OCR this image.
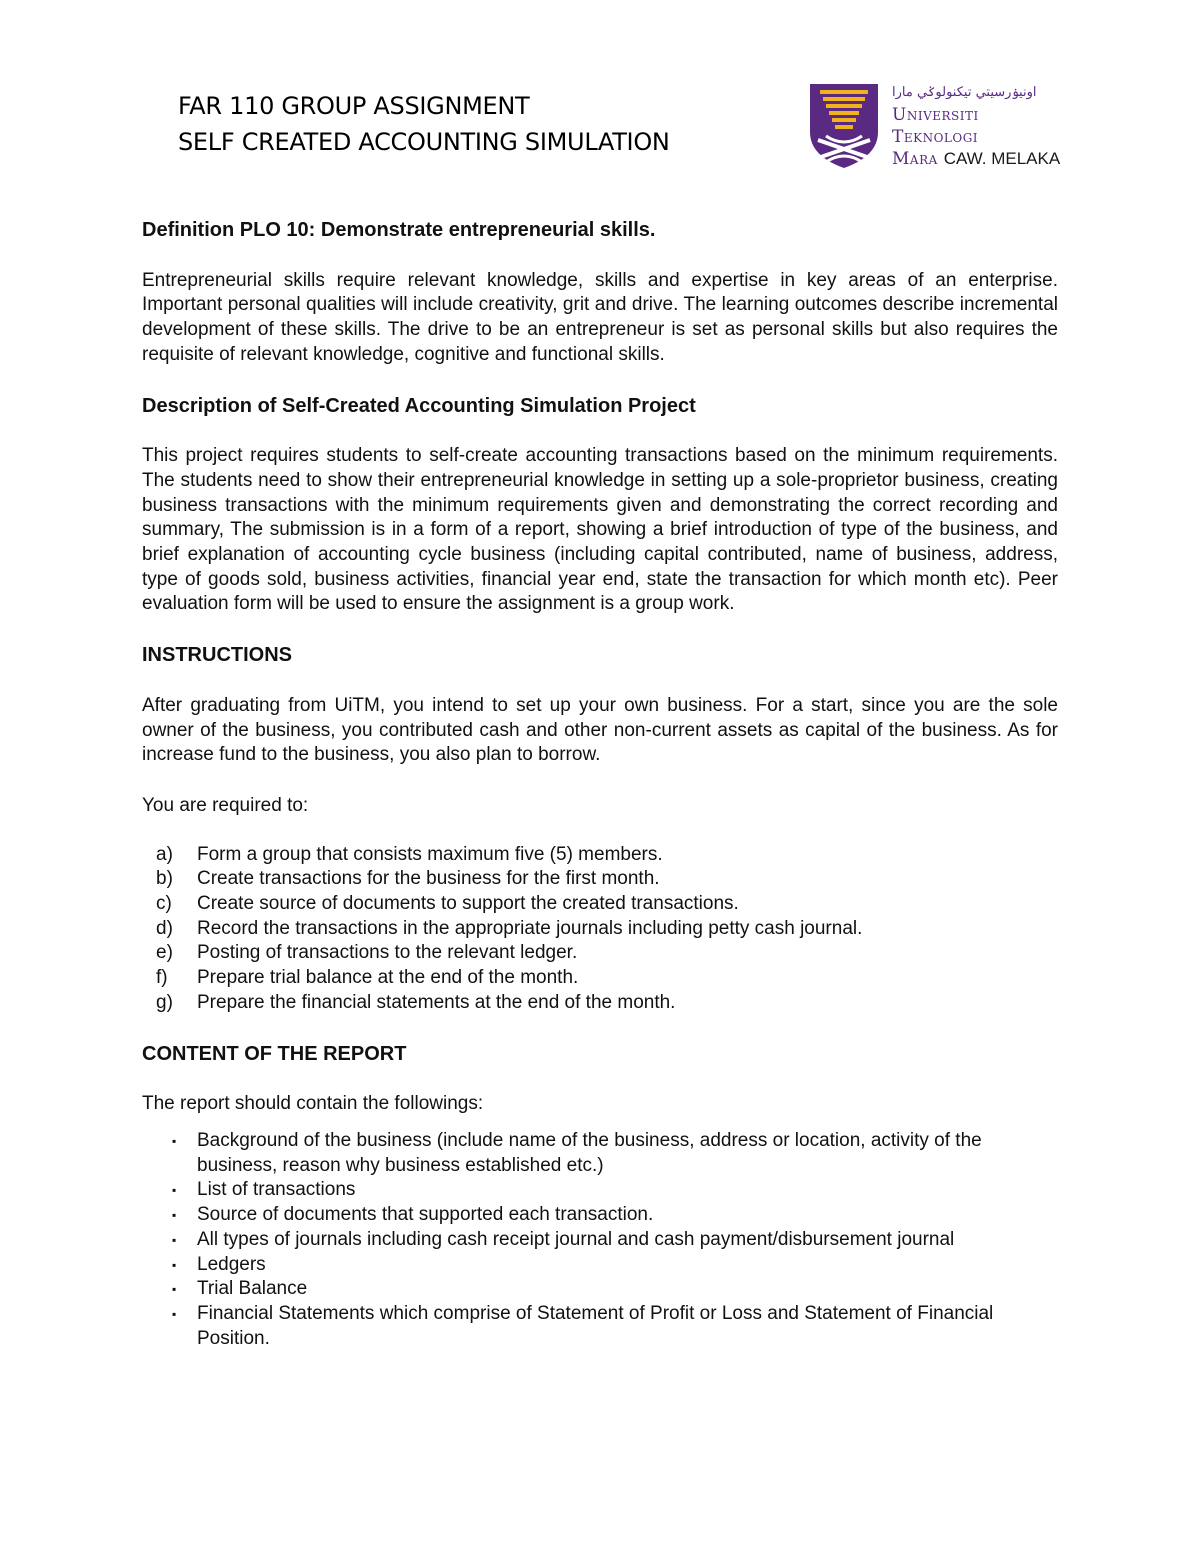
FAR 110 GROUP ASSIGNMENT
SELF CREATED ACCOUNTING SIMULATION
اونيۏرسيتي تيكنولوݢي مارا
Universiti
Teknologi
Mara CAW. MELAKA

Definition PLO 10: Demonstrate entrepreneurial skills.

Entrepreneurial skills require relevant knowledge, skills and expertise in key areas of an enterprise. Important personal qualities will include creativity, grit and drive. The learning outcomes describe incremental development of these skills. The drive to be an entrepreneur is set as personal skills but also requires the requisite of relevant knowledge, cognitive and functional skills.

Description of Self-Created Accounting Simulation Project

This project requires students to self-create accounting transactions based on the minimum requirements. The students need to show their entrepreneurial knowledge in setting up a sole-proprietor business, creating business transactions with the minimum requirements given and demonstrating the correct recording and summary, The submission is in a form of a report, showing a brief introduction of type of the business, and brief explanation of accounting cycle business (including capital contributed, name of business, address, type of goods sold, business activities, financial year end, state the transaction for which month etc). Peer evaluation form will be used to ensure the assignment is a group work.

INSTRUCTIONS

After graduating from UiTM, you intend to set up your own business. For a start, since you are the sole owner of the business, you contributed cash and other non-current assets as capital of the business. As for increase fund to the business, you also plan to borrow.

You are required to:

a) Form a group that consists maximum five (5) members.
b) Create transactions for the business for the first month.
c) Create source of documents to support the created transactions.
d) Record the transactions in the appropriate journals including petty cash journal.
e) Posting of transactions to the relevant ledger.
f) Prepare trial balance at the end of the month.
g) Prepare the financial statements at the end of the month.

CONTENT OF THE REPORT

The report should contain the followings:

▪ Background of the business (include name of the business, address or location, activity of the business, reason why business established etc.)
▪ List of transactions
▪ Source of documents that supported each transaction.
▪ All types of journals including cash receipt journal and cash payment/disbursement journal
▪ Ledgers
▪ Trial Balance
▪ Financial Statements which comprise of Statement of Profit or Loss and Statement of Financial Position.
